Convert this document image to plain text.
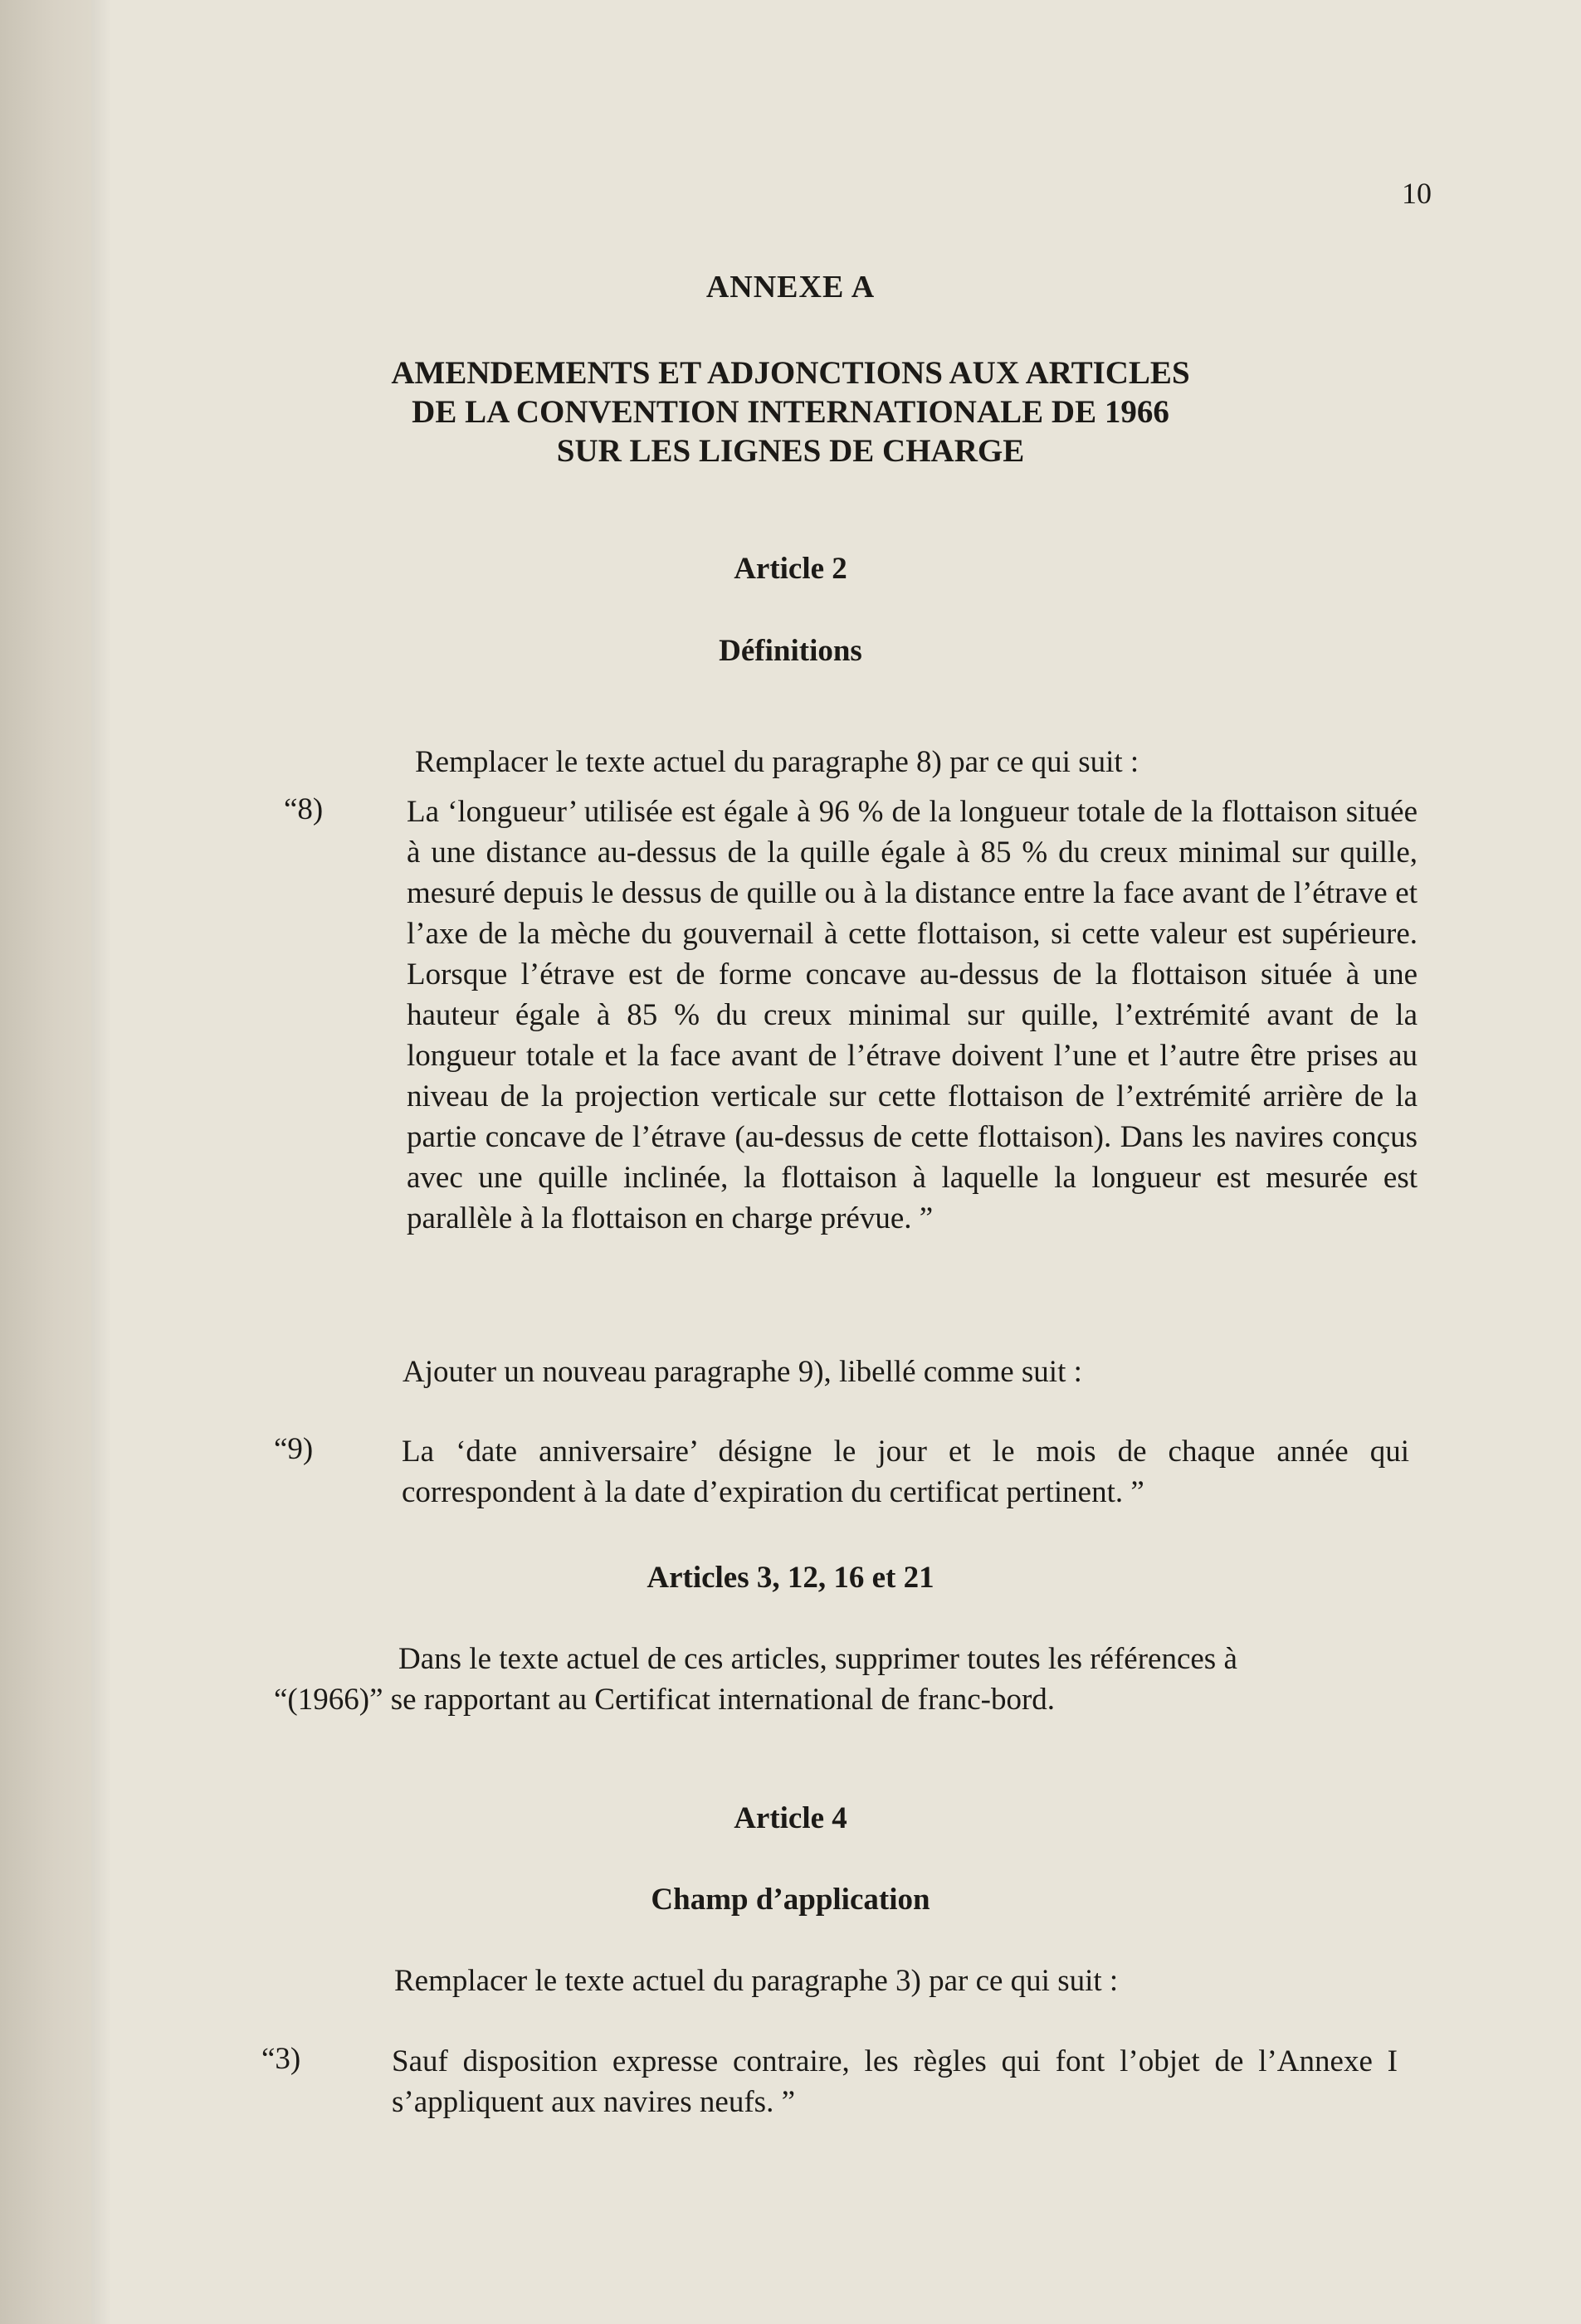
10

ANNEXE A

AMENDEMENTS ET ADJONCTIONS AUX ARTICLES
DE LA CONVENTION INTERNATIONALE DE 1966
SUR LES LIGNES DE CHARGE

Article 2

Définitions

Remplacer le texte actuel du paragraphe 8) par ce qui suit :

“8)	La ‘longueur’ utilisée est égale à 96 % de la longueur totale de la flottaison située à une distance au-dessus de la quille égale à 85 % du creux minimal sur quille, mesuré depuis le dessus de quille ou à la distance entre la face avant de l’étrave et l’axe de la mèche du gouvernail à cette flottaison, si cette valeur est supérieure. Lorsque l’étrave est de forme concave au-dessus de la flottaison située à une hauteur égale à 85 % du creux minimal sur quille, l’extrémité avant de la longueur totale et la face avant de l’étrave doivent l’une et l’autre être prises au niveau de la projection verticale sur cette flottaison de l’extrémité arrière de la partie concave de l’étrave (au-dessus de cette flottaison). Dans les navires conçus avec une quille inclinée, la flottaison à laquelle la longueur est mesurée est parallèle à la flottaison en charge prévue. ”

Ajouter un nouveau paragraphe 9), libellé comme suit :

“9)	La ‘date anniversaire’ désigne le jour et le mois de chaque année qui correspondent à la date d’expiration du certificat pertinent. ”

Articles 3, 12, 16 et 21

Dans le texte actuel de ces articles, supprimer toutes les références à

“(1966)” se rapportant au Certificat international de franc-bord.

Article 4

Champ d’application

Remplacer le texte actuel du paragraphe 3) par ce qui suit :

“3)	Sauf disposition expresse contraire, les règles qui font l’objet de l’Annexe I s’appliquent aux navires neufs. ”
